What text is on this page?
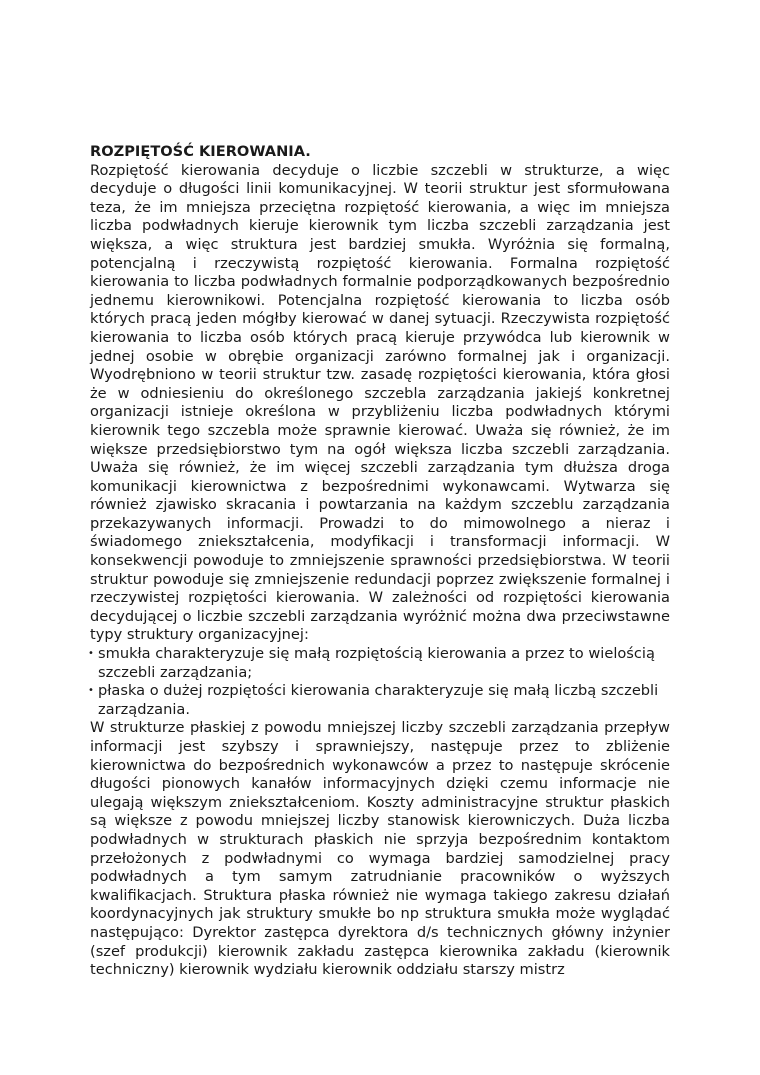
ROZPIĘTOŚĆ KIEROWANIA.

Rozpiętość kierowania decyduje o liczbie szczebli w strukturze, a więc decyduje o długości linii komunikacyjnej. W teorii struktur jest sformułowana teza, że im mniejsza przeciętna rozpiętość kierowania, a więc im mniejsza liczba podwładnych kieruje kierownik tym liczba szczebli zarządzania jest większa, a więc struktura jest bardziej smukła. Wyróżnia się formalną, potencjalną i rzeczywistą rozpiętość kierowania. Formalna rozpiętość kierowania to liczba podwładnych formalnie podporządkowanych bezpośrednio jednemu kierownikowi. Potencjalna rozpiętość kierowania to liczba osób których pracą jeden mógłby kierować w danej sytuacji. Rzeczywista rozpiętość kierowania to liczba osób których pracą kieruje przywódca lub kierownik w jednej osobie w obrębie organizacji zarówno formalnej jak i organizacji. Wyodrębniono w teorii struktur tzw. zasadę rozpiętości kierowania, która głosi że w odniesieniu do określonego szczebla zarządzania jakiejś konkretnej organizacji istnieje określona w przybliżeniu liczba podwładnych którymi kierownik tego szczebla może sprawnie kierować. Uważa się również, że im większe przedsiębiorstwo tym na ogół większa liczba szczebli zarządzania. Uważa się również, że im więcej szczebli zarządzania tym dłuższa droga komunikacji kierownictwa z bezpośrednimi wykonawcami. Wytwarza się również zjawisko skracania i powtarzania na każdym szczeblu zarządzania przekazywanych informacji. Prowadzi to do mimowolnego a nieraz i świadomego zniekształcenia, modyfikacji i transformacji informacji. W konsekwencji powoduje to zmniejszenie sprawności przedsiębiorstwa. W teorii struktur powoduje się zmniejszenie redundacji poprzez zwiększenie formalnej i rzeczywistej rozpiętości kierowania. W zależności od rozpiętości kierowania decydującej o liczbie szczebli zarządzania wyróżnić można dwa przeciwstawne typy struktury organizacyjnej:

• smukła charakteryzuje się małą rozpiętością kierowania a przez to wielością szczebli zarządzania;
• płaska o dużej rozpiętości kierowania charakteryzuje się małą liczbą szczebli zarządzania.

W strukturze płaskiej z powodu mniejszej liczby szczebli zarządzania przepływ informacji jest szybszy i sprawniejszy, następuje przez to zbliżenie kierownictwa do bezpośrednich wykonawców a przez to następuje skrócenie długości pionowych kanałów informacyjnych dzięki czemu informacje nie ulegają większym zniekształceniom. Koszty administracyjne struktur płaskich są większe z powodu mniejszej liczby stanowisk kierowniczych. Duża liczba podwładnych w strukturach płaskich nie sprzyja bezpośrednim kontaktom przełożonych z podwładnymi co wymaga bardziej samodzielnej pracy podwładnych a tym samym zatrudnianie pracowników o wyższych kwalifikacjach. Struktura płaska również nie wymaga takiego zakresu działań koordynacyjnych jak struktury smukłe bo np struktura smukła może wyglądać następująco: Dyrektor zastępca dyrektora d/s technicznych główny inżynier (szef produkcji) kierownik zakładu zastępca kierownika zakładu (kierownik techniczny) kierownik wydziału kierownik oddziału starszy mistrz
